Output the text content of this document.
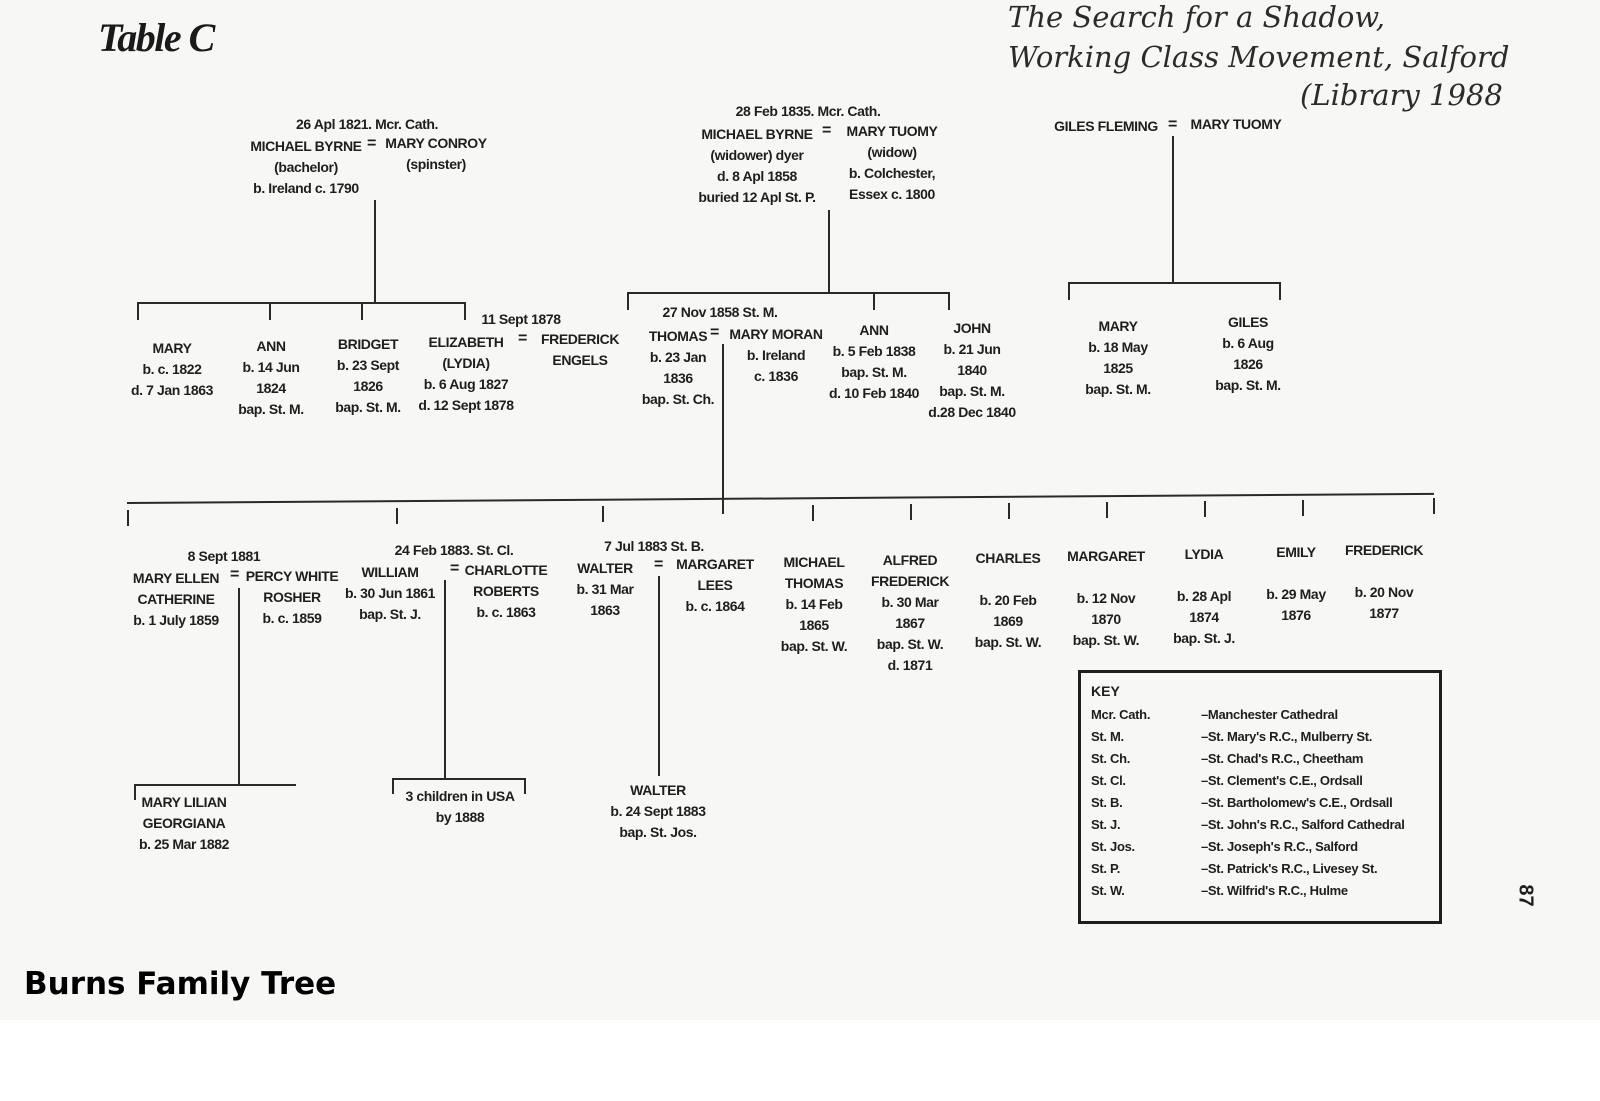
Table C	The Search for a Shadow,
Working Class Movement, Salford
(Library 1988
26 Apl 1821. Mcr. Cath.
MICHAEL BYRNE
(bachelor)
b. Ireland c. 1790
= MARY CONROY
(spinster)
28 Feb 1835. Mcr. Cath.
MICHAEL BYRNE
(widower) dyer
d. 8 Apl 1858
buried 12 Apl St. P.
= MARY TUOMY
(widow)
b. Colchester,
Essex c. 1800
GILES FLEMING = MARY TUOMY
MARY
b. c. 1822
d. 7 Jan 1863
ANN
b. 14 Jun
1824
bap. St. M.
BRIDGET
b. 23 Sept
1826
bap. St. M.
ELIZABETH
(LYDIA)
b. 6 Aug 1827
d. 12 Sept 1878
11 Sept 1878
= FREDERICK
ENGELS
27 Nov 1858 St. M.
THOMAS
b. 23 Jan
1836
bap. St. Ch.
= MARY MORAN
b. Ireland
c. 1836
ANN
b. 5 Feb 1838
bap. St. M.
d. 10 Feb 1840
JOHN
b. 21 Jun
1840
bap. St. M.
d.28 Dec 1840
MARY
b. 18 May
1825
bap. St. M.
GILES
b. 6 Aug
1826
bap. St. M.
8 Sept 1881
MARY ELLEN
CATHERINE
b. 1 July 1859
= PERCY WHITE
ROSHER
b. c. 1859
24 Feb 1883. St. Cl.
WILLIAM
b. 30 Jun 1861
bap. St. J.
= CHARLOTTE
ROBERTS
b. c. 1863
7 Jul 1883 St. B.
WALTER
b. 31 Mar
1863
= MARGARET
LEES
b. c. 1864
MICHAEL
THOMAS
b. 14 Feb
1865
bap. St. W.
ALFRED
FREDERICK
b. 30 Mar
1867
bap. St. W.
d. 1871
CHARLES

b. 20 Feb
1869
bap. St. W.
MARGARET

b. 12 Nov
1870
bap. St. W.
LYDIA

b. 28 Apl
1874
bap. St. J.
EMILY

b. 29 May
1876
FREDERICK

b. 20 Nov
1877
MARY LILIAN
GEORGIANA
b. 25 Mar 1882
3 children in USA
by 1888
WALTER
b. 24 Sept 1883
bap. St. Jos.
KEY
Mcr. Cath.	–Manchester Cathedral
St. M.	–St. Mary's R.C., Mulberry St.
St. Ch.	–St. Chad's R.C., Cheetham
St. Cl.	–St. Clement's C.E., Ordsall
St. B.	–St. Bartholomew's C.E., Ordsall
St. J.	–St. John's R.C., Salford Cathedral
St. Jos.	–St. Joseph's R.C., Salford
St. P.	–St. Patrick's R.C., Livesey St.
St. W.	–St. Wilfrid's R.C., Hulme	87
Burns Family Tree
